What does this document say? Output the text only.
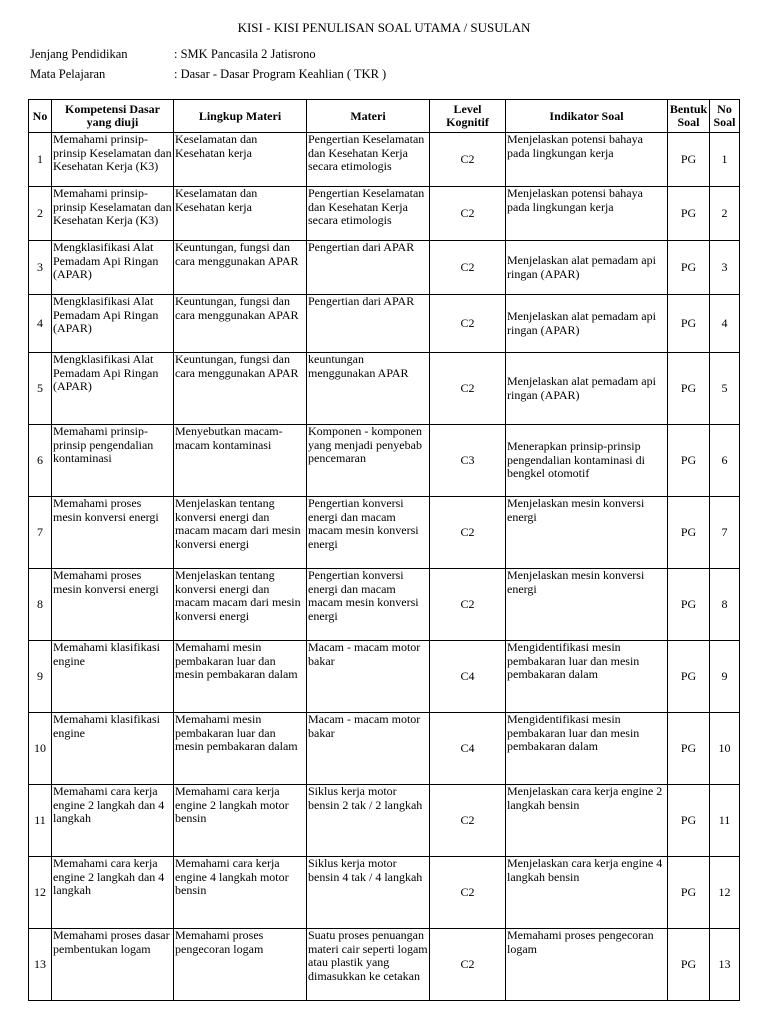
KISI - KISI PENULISAN SOAL UTAMA / SUSULAN
Jenjang Pendidikan	: SMK Pancasila 2 Jatisrono
Mata Pelajaran	: Dasar - Dasar Program Keahlian ( TKR )
No	Kompetensi Dasar yang diuji	Lingkup Materi	Materi	Level Kognitif	Indikator Soal	Bentuk Soal	No Soal
1	Memahami prinsip-prinsip Keselamatan dan Kesehatan Kerja (K3)	Keselamatan dan Kesehatan kerja	Pengertian Keselamatan dan Kesehatan Kerja secara etimologis	C2	Menjelaskan potensi bahaya pada lingkungan kerja	PG	1
2	Memahami prinsip-prinsip Keselamatan dan Kesehatan Kerja (K3)	Keselamatan dan Kesehatan kerja	Pengertian Keselamatan dan Kesehatan Kerja secara etimologis	C2	Menjelaskan potensi bahaya pada lingkungan kerja	PG	2
3	Mengklasifikasi Alat Pemadam Api Ringan (APAR)	Keuntungan, fungsi dan cara menggunakan APAR	Pengertian dari APAR	C2	Menjelaskan alat pemadam api ringan (APAR)	PG	3
4	Mengklasifikasi Alat Pemadam Api Ringan (APAR)	Keuntungan, fungsi dan cara menggunakan APAR	Pengertian dari APAR	C2	Menjelaskan alat pemadam api ringan (APAR)	PG	4
5	Mengklasifikasi Alat Pemadam Api Ringan (APAR)	Keuntungan, fungsi dan cara menggunakan APAR	keuntungan menggunakan APAR	C2	Menjelaskan alat pemadam api ringan (APAR)	PG	5
6	Memahami prinsip-prinsip pengendalian kontaminasi	Menyebutkan macam-macam kontaminasi	Komponen - komponen yang menjadi penyebab pencemaran	C3	Menerapkan prinsip-prinsip pengendalian kontaminasi di bengkel otomotif	PG	6
7	Memahami proses mesin konversi energi	Menjelaskan tentang konversi energi dan macam macam dari mesin konversi energi	Pengertian konversi energi dan macam macam mesin konversi energi	C2	Menjelaskan mesin konversi energi	PG	7
8	Memahami proses mesin konversi energi	Menjelaskan tentang konversi energi dan macam macam dari mesin konversi energi	Pengertian konversi energi dan macam macam mesin konversi energi	C2	Menjelaskan mesin konversi energi	PG	8
9	Memahami klasifikasi engine	Memahami mesin pembakaran luar dan mesin pembakaran dalam	Macam - macam motor bakar	C4	Mengidentifikasi mesin pembakaran luar dan mesin pembakaran dalam	PG	9
10	Memahami klasifikasi engine	Memahami mesin pembakaran luar dan mesin pembakaran dalam	Macam - macam motor bakar	C4	Mengidentifikasi mesin pembakaran luar dan mesin pembakaran dalam	PG	10
11	Memahami cara kerja engine 2 langkah dan 4 langkah	Memahami cara kerja engine 2 langkah motor bensin	Siklus kerja motor bensin 2 tak / 2 langkah	C2	Menjelaskan cara kerja engine 2 langkah bensin	PG	11
12	Memahami cara kerja engine 2 langkah dan 4 langkah	Memahami cara kerja engine 4 langkah motor bensin	Siklus kerja motor bensin 4 tak / 4 langkah	C2	Menjelaskan cara kerja engine 4 langkah bensin	PG	12
13	Memahami proses dasar pembentukan logam	Memahami proses pengecoran logam	Suatu proses penuangan materi cair seperti logam atau plastik yang dimasukkan ke cetakan	C2	Memahami proses pengecoran logam	PG	13
